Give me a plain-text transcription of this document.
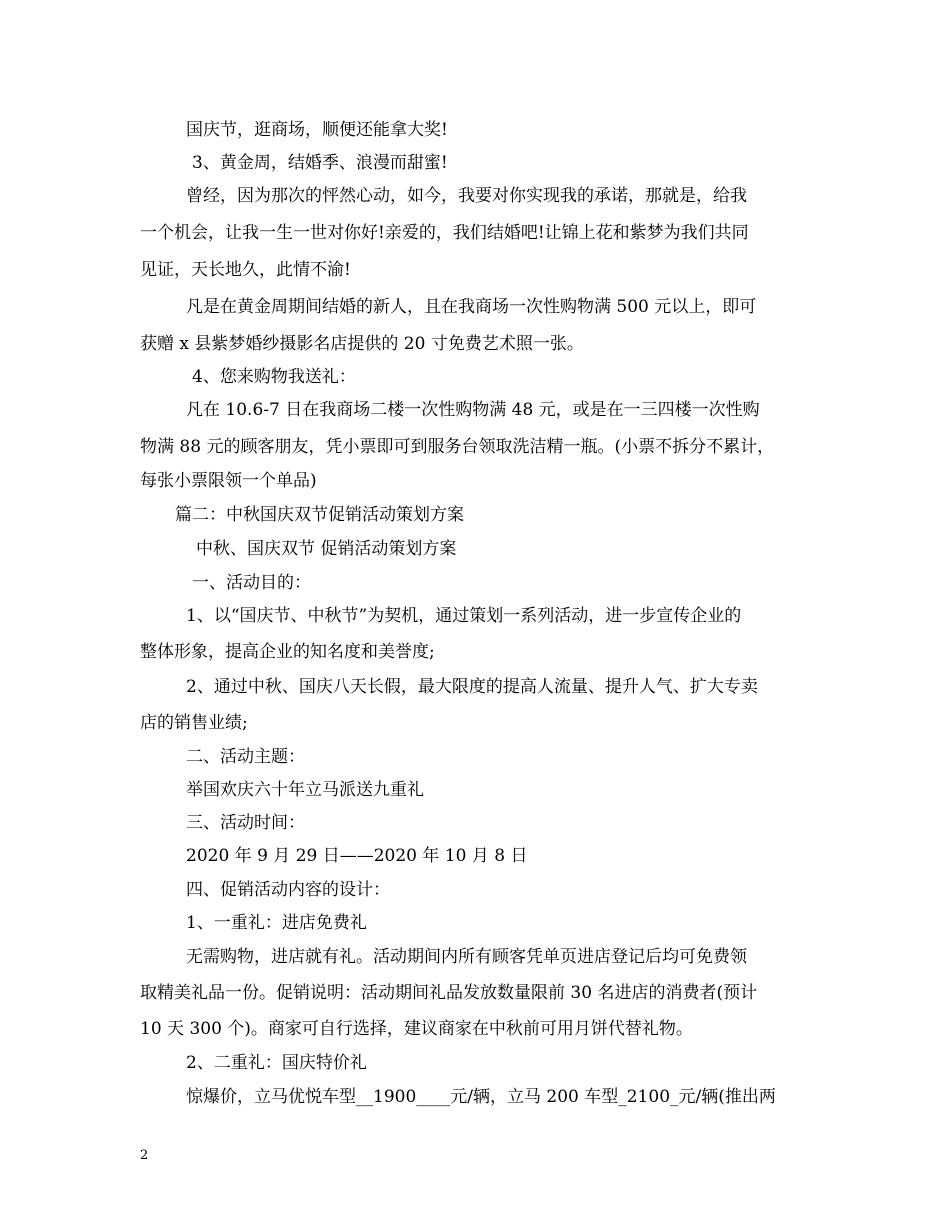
国庆节，逛商场，顺便还能拿大奖!
3、黄金周，结婚季、浪漫而甜蜜!
曾经，因为那次的怦然心动，如今，我要对你实现我的承诺，那就是，给我
一个机会，让我一生一世对你好!亲爱的，我们结婚吧!让锦上花和紫梦为我们共同
见证，天长地久，此情不渝!
凡是在黄金周期间结婚的新人，且在我商场一次性购物满 500 元以上，即可
获赠 x 县紫梦婚纱摄影名店提供的 20 寸免费艺术照一张。
4、您来购物我送礼：
凡在 10.6-7 日在我商场二楼一次性购物满 48 元，或是在一三四楼一次性购
物满 88 元的顾客朋友，凭小票即可到服务台领取洗洁精一瓶。(小票不拆分不累计，
每张小票限领一个单品)
篇二：中秋国庆双节促销活动策划方案
中秋、国庆双节 促销活动策划方案
一、活动目的：
1、以“国庆节、中秋节”为契机，通过策划一系列活动，进一步宣传企业的
整体形象，提高企业的知名度和美誉度;
2、通过中秋、国庆八天长假，最大限度的提高人流量、提升人气、扩大专卖
店的销售业绩;
二、活动主题：
举国欢庆六十年立马派送九重礼
三、活动时间：
2020 年 9 月 29 日——2020 年 10 月 8 日
四、促销活动内容的设计：
1、一重礼：进店免费礼
无需购物，进店就有礼。活动期间内所有顾客凭单页进店登记后均可免费领
取精美礼品一份。促销说明：活动期间礼品发放数量限前 30 名进店的消费者(预计
10 天 300 个)。商家可自行选择，建议商家在中秋前可用月饼代替礼物。
2、二重礼：国庆特价礼
惊爆价，立马优悦车型__1900____元/辆，立马 200 车型_2100_元/辆(推出两
2
